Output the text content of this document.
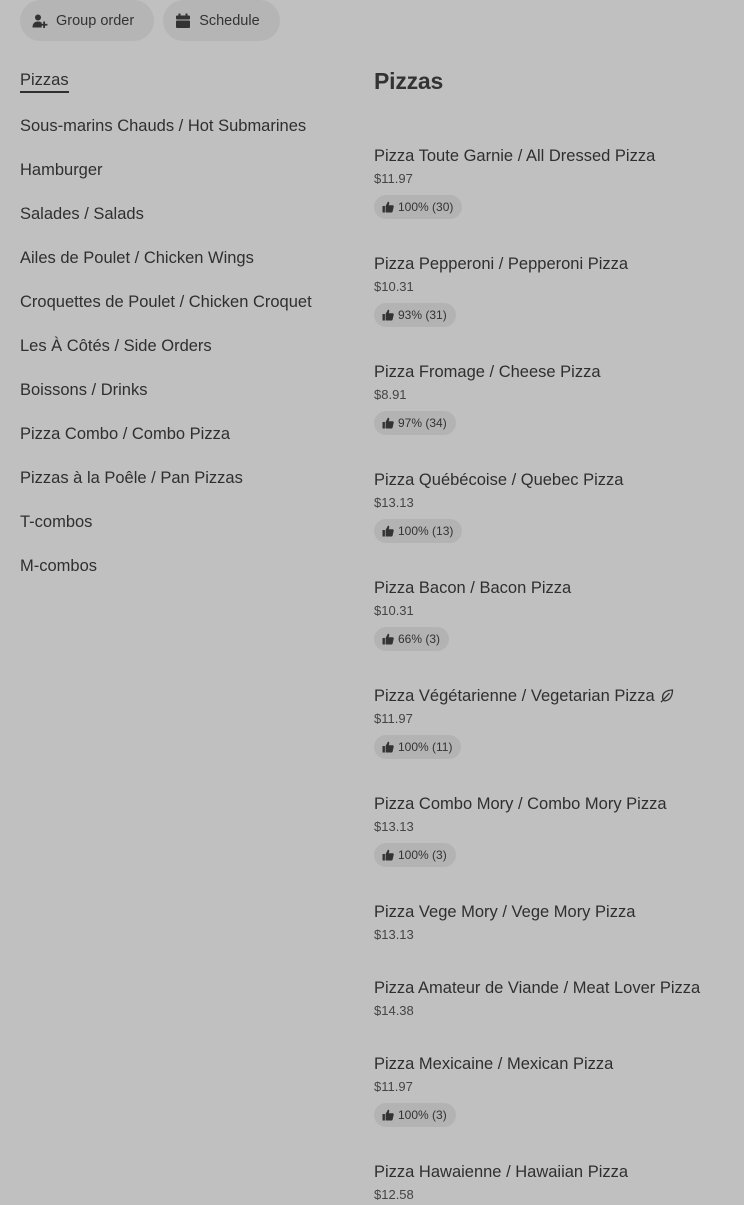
Group order	Schedule
Pizzas
Sous-marins Chauds / Hot Submarines
Hamburger
Salades / Salads
Ailes de Poulet / Chicken Wings
Croquettes de Poulet / Chicken Croquet
Les À Côtés / Side Orders
Boissons / Drinks
Pizza Combo / Combo Pizza
Pizzas à la Poêle / Pan Pizzas
T-combos
M-combos
Pizzas
Pizza Toute Garnie / All Dressed Pizza
$11.97
100% (30)
Pizza Pepperoni / Pepperoni Pizza
$10.31
93% (31)
Pizza Fromage / Cheese Pizza
$8.91
97% (34)
Pizza Québécoise / Quebec Pizza
$13.13
100% (13)
Pizza Bacon / Bacon Pizza
$10.31
66% (3)
Pizza Végétarienne / Vegetarian Pizza
$11.97
100% (11)
Pizza Combo Mory / Combo Mory Pizza
$13.13
100% (3)
Pizza Vege Mory / Vege Mory Pizza
$13.13
Pizza Amateur de Viande / Meat Lover Pizza
$14.38
Pizza Mexicaine / Mexican Pizza
$11.97
100% (3)
Pizza Hawaienne / Hawaiian Pizza
$12.58
